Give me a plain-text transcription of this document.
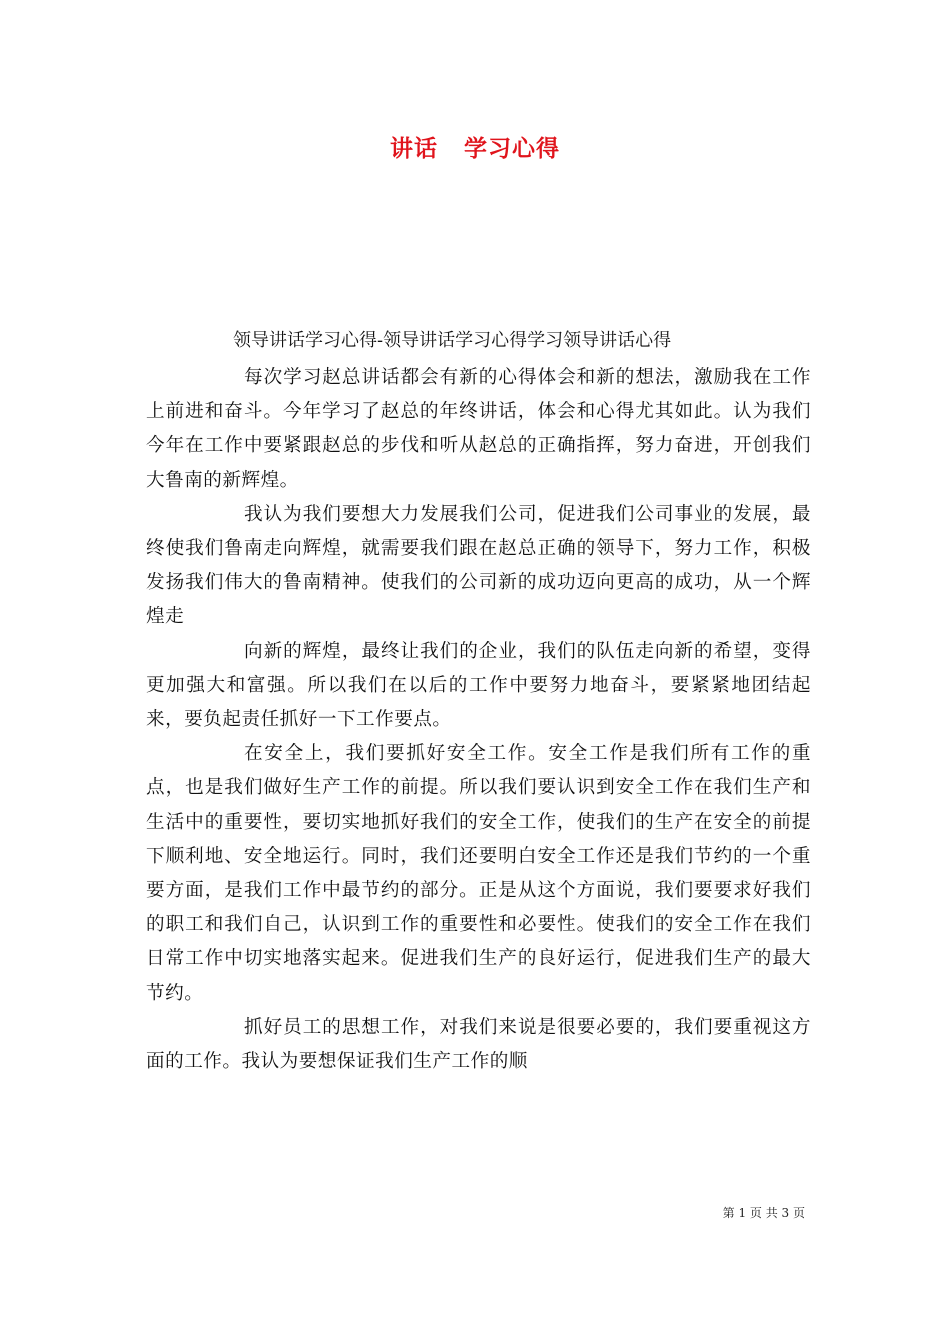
讲话 学习心得
领导讲话学习心得-领导讲话学习心得学习领导讲话心得

每次学习赵总讲话都会有新的心得体会和新的想法，激励我在工作上前进和奋斗。今年学习了赵总的年终讲话，体会和心得尤其如此。认为我们今年在工作中要紧跟赵总的步伐和听从赵总的正确指挥，努力奋进，开创我们大鲁南的新辉煌。

我认为我们要想大力发展我们公司，促进我们公司事业的发展，最终使我们鲁南走向辉煌，就需要我们跟在赵总正确的领导下，努力工作，积极发扬我们伟大的鲁南精神。使我们的公司新的成功迈向更高的成功，从一个辉煌走

向新的辉煌，最终让我们的企业，我们的队伍走向新的希望，变得更加强大和富强。所以我们在以后的工作中要努力地奋斗，要紧紧地团结起来，要负起责任抓好一下工作要点。

在安全上，我们要抓好安全工作。安全工作是我们所有工作的重点，也是我们做好生产工作的前提。所以我们要认识到安全工作在我们生产和生活中的重要性，要切实地抓好我们的安全工作，使我们的生产在安全的前提下顺利地、安全地运行。同时，我们还要明白安全工作还是我们节约的一个重要方面，是我们工作中最节约的部分。正是从这个方面说，我们要要求好我们的职工和我们自己，认识到工作的重要性和必要性。使我们的安全工作在我们日常工作中切实地落实起来。促进我们生产的良好运行，促进我们生产的最大节约。

抓好员工的思想工作，对我们来说是很要必要的，我们要重视这方面的工作。我认为要想保证我们生产工作的顺

第 1 页 共 3 页
